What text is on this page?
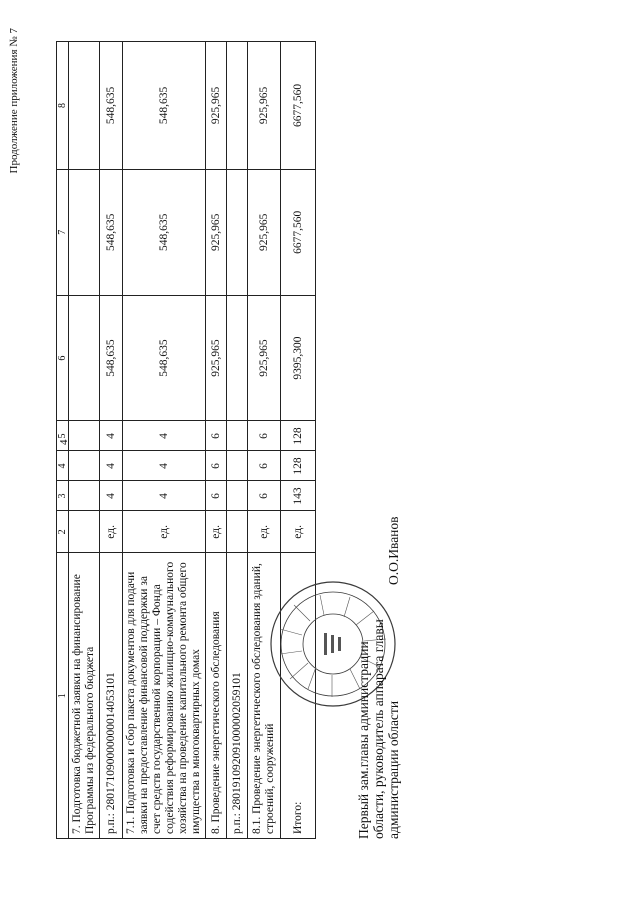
Продолжение приложения № 7
4
1	2	3	4	5	6	7	8
7. Подготовка бюджетной заявки на финансирование Программы из федерального бюджета							
р.п.: 280171090000000014053101	ед.	4	4	4	548,635	548,635	548,635
7.1. Подготовка и сбор пакета документов для подачи заявки на предоставление финансовой поддержки за счет средств государственной корпорации – Фонда содействия реформированию жилищно-коммунального хозяйства на проведение капитального ремонта общего имущества в многоквартирных домах	ед.	4	4	4	548,635	548,635	548,635
8. Проведение энергетического обследования	ед.	6	6	6	925,965	925,965	925,965
р.п.: 280191092091000002059101							
8.1. Проведение энергетического обследования зданий, строений, сооружений	ед.	6	6	6	925,965	925,965	925,965
Итого:	ед.	143	128	128	9395,300	6677,560	6677,560
Первый зам.главы администрации области, руководитель аппарата главы администрации области
О.О.Иванов
